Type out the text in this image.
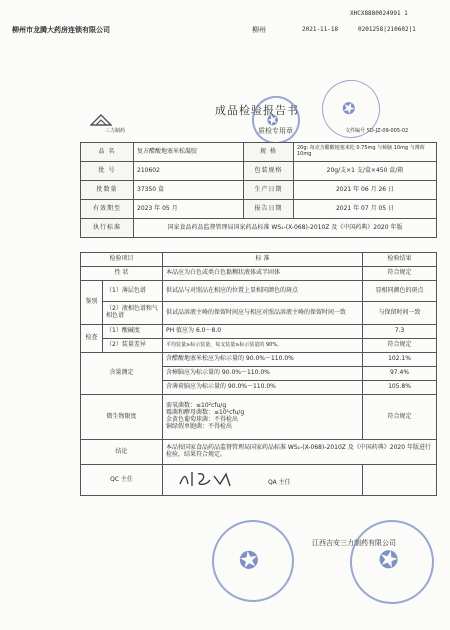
XHCX8880024991 1
柳州市龙腾大药房连锁有限公司	柳州	2021-11-18	0201258|210602|1
三力制药
成品检验报告书
文件编号 SD-JZ-09-005-02
质检专用章
✪
✪
品 名	复方醋酸地塞米松凝胶	规 格	20g: 每克含醋酸地塞米松 0.75mg 与樟脑 10mg 与薄荷 10mg
批 号	210602	包装规格	20g/支×1 支/盒×450 盒/箱
批数量	37350 盒	生产日期	2021 年 06 月 26 日
有效期至	2023 年 05 月	报告日期	2021 年 07 月 05 日
执行标准	国家食品药品监督管理局国家药品标准 WS₁-(X-068)-2010Z 及《中国药典》2020 年版		
检验项目		标 准	检验结果
性 状		本品应为白色或类白色黏稠状液体或半固体	符合规定
鉴别	（1）薄层色谱	供试品与对照品在相应的位置上显相同颜色的斑点	显相同颜色的斑点
	（2）液相色谱和气相色谱	供试品溶液主峰的保留时间应与相应对照品溶液主峰的保留时间一致	与保留时间一致
检查	（1）酸碱度	PH 值应为 6.0～8.0	7.3
	（2）装量差异	平均装量≥标示装量，每支装量≥标示装量的 90%。	符合规定
含量测定		含醋酸地塞米松应为标示量的 90.0%～110.0%	102.1%
		含樟脑应为标示量的 90.0%～110.0%	97.4%
		含薄荷脑应为标示量的 90.0%～110.0%	105.8%
微生物限度		需氧菌数：≤10²cfu/g
霉菌和酵母菌数：≤10¹cfu/g
金黄色葡萄球菌：不得检出
铜绿假单胞菌：不得检出	符合规定
结论		本品按国家食品药品监督管理局国家药品标准 WS₁-(X-068)-2010Z 及《中国药典》2020 年版进行检验，结果符合规定。	
QC 主任		QA 主任	
江西吉安三力制药有限公司
✪	✪
